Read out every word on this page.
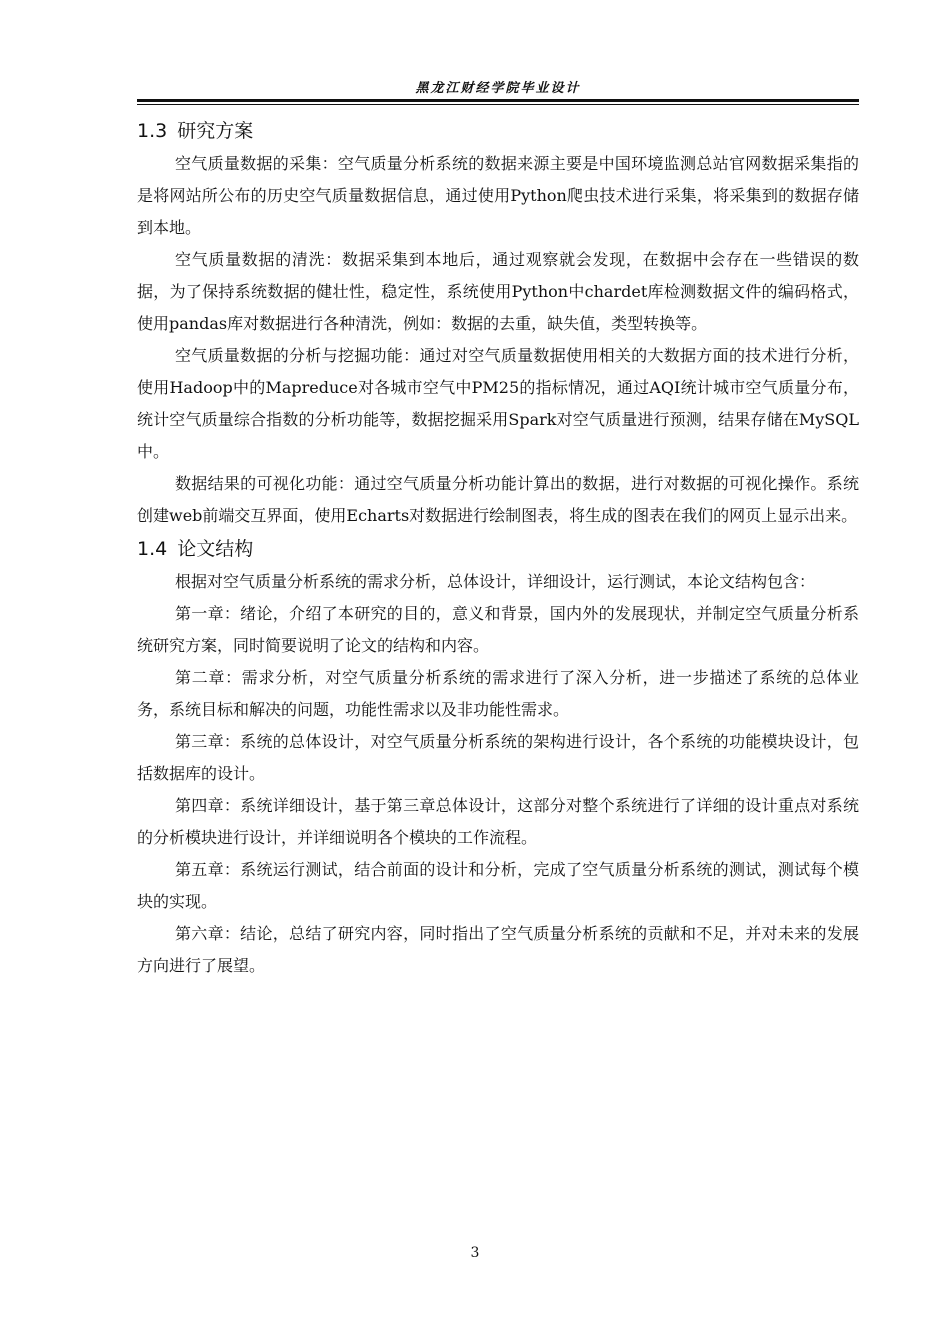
黑龙江财经学院毕业设计
1.3 研究方案

空气质量数据的采集：空气质量分析系统的数据来源主要是中国环境监测总站官网数据采集指的是将网站所公布的历史空气质量数据信息，通过使用Python爬虫技术进行采集，将采集到的数据存储到本地。

空气质量数据的清洗：数据采集到本地后，通过观察就会发现，在数据中会存在一些错误的数据，为了保持系统数据的健壮性，稳定性，系统使用Python中chardet库检测数据文件的编码格式，使用pandas库对数据进行各种清洗，例如：数据的去重，缺失值，类型转换等。

空气质量数据的分析与挖掘功能：通过对空气质量数据使用相关的大数据方面的技术进行分析，使用Hadoop中的Mapreduce对各城市空气中PM25的指标情况，通过AQI统计城市空气质量分布，统计空气质量综合指数的分析功能等，数据挖掘采用Spark对空气质量进行预测，结果存储在MySQL中。

数据结果的可视化功能：通过空气质量分析功能计算出的数据，进行对数据的可视化操作。系统创建web前端交互界面，使用Echarts对数据进行绘制图表，将生成的图表在我们的网页上显示出来。

1.4 论文结构

根据对空气质量分析系统的需求分析，总体设计，详细设计，运行测试，本论文结构包含：

第一章：绪论，介绍了本研究的目的，意义和背景，国内外的发展现状，并制定空气质量分析系统研究方案，同时简要说明了论文的结构和内容。

第二章：需求分析，对空气质量分析系统的需求进行了深入分析，进一步描述了系统的总体业务，系统目标和解决的问题，功能性需求以及非功能性需求。

第三章：系统的总体设计，对空气质量分析系统的架构进行设计，各个系统的功能模块设计，包括数据库的设计。

第四章：系统详细设计，基于第三章总体设计，这部分对整个系统进行了详细的设计重点对系统的分析模块进行设计，并详细说明各个模块的工作流程。

第五章：系统运行测试，结合前面的设计和分析，完成了空气质量分析系统的测试，测试每个模块的实现。

第六章：结论，总结了研究内容，同时指出了空气质量分析系统的贡献和不足，并对未来的发展方向进行了展望。

3
